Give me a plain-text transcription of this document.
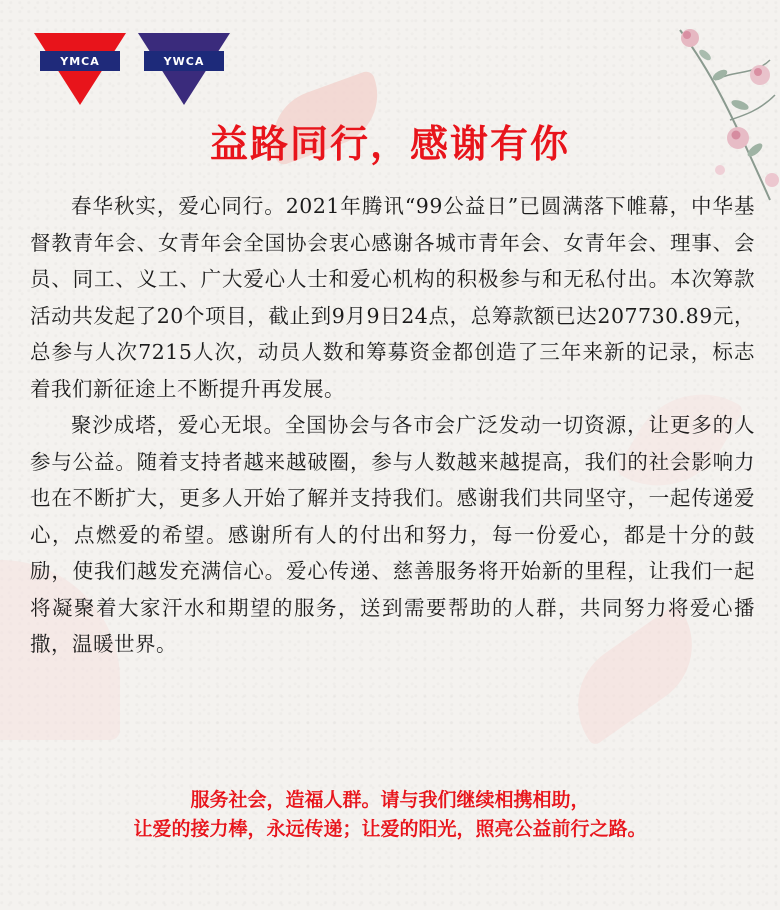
YMCA	YWCA
益路同行，感谢有你

春华秋实，爱心同行。2021年腾讯“99公益日”已圆满落下帷幕，中华基督教青年会、女青年会全国协会衷心感谢各城市青年会、女青年会、理事、会员、同工、义工、广大爱心人士和爱心机构的积极参与和无私付出。本次筹款活动共发起了20个项目，截止到9月9日24点，总筹款额已达207730.89元，总参与人次7215人次，动员人数和筹募资金都创造了三年来新的记录，标志着我们新征途上不断提升再发展。

聚沙成塔，爱心无垠。全国协会与各市会广泛发动一切资源，让更多的人参与公益。随着支持者越来越破圈，参与人数越来越提高，我们的社会影响力也在不断扩大，更多人开始了解并支持我们。感谢我们共同坚守，一起传递爱心，点燃爱的希望。感谢所有人的付出和努力，每一份爱心，都是十分的鼓励，使我们越发充满信心。爱心传递、慈善服务将开始新的里程，让我们一起将凝聚着大家汗水和期望的服务，送到需要帮助的人群，共同努力将爱心播撒，温暖世界。

服务社会，造福人群。请与我们继续相携相助，
让爱的接力棒，永远传递；让爱的阳光，照亮公益前行之路。
